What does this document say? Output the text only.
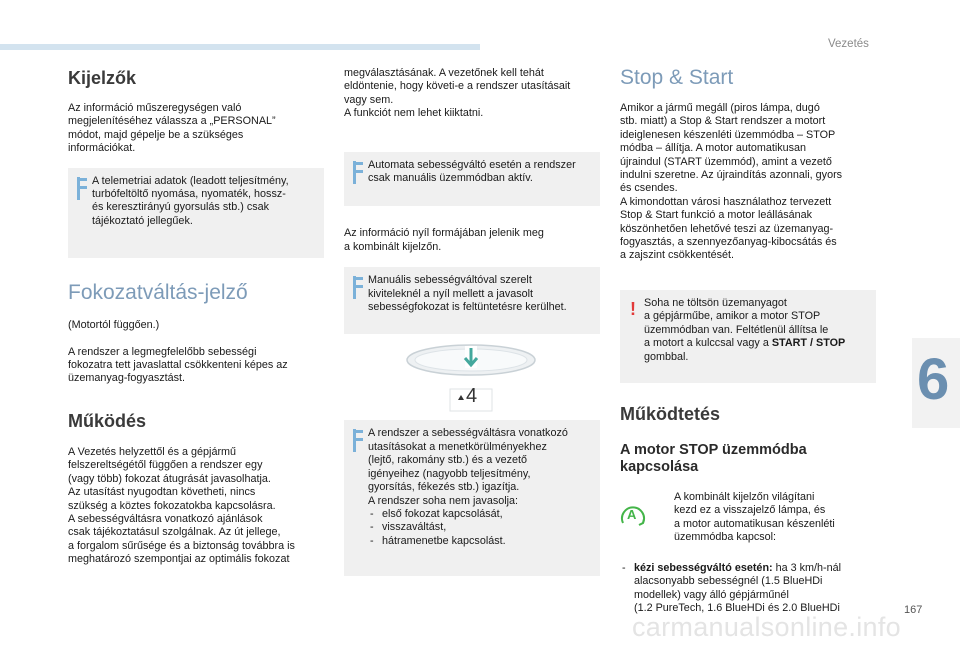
Vezetés
6
167
carmanualsonline.info
Kijelzők

Az információ műszeregységen való
megjelenítéséhez válassza a „PERSONAL”
módot, majd gépelje be a szükséges
információkat.

A telemetriai adatok (leadott teljesítmény,
turbófeltöltő nyomása, nyomaték, hossz-
és keresztirányú gyorsulás stb.) csak
tájékoztató jellegűek.

Fokozatváltás-jelző

(Motortól függően.)

A rendszer a legmegfelelőbb sebességi
fokozatra tett javaslattal csökkenteni képes az
üzemanyag-fogyasztást.

Működés

A Vezetés helyzettől és a gépjármű
felszereltségétől függően a rendszer egy
(vagy több) fokozat átugrását javasolhatja.
Az utasítást nyugodtan követheti, nincs
szükség a köztes fokozatokba kapcsolásra.
A sebességváltásra vonatkozó ajánlások
csak tájékoztatásul szolgálnak. Az út jellege,
a forgalom sűrűsége és a biztonság továbbra is
meghatározó szempontjai az optimális fokozat

megválasztásának. A vezetőnek kell tehát
eldöntenie, hogy követi-e a rendszer utasításait
vagy sem.
A funkciót nem lehet kiiktatni.

Automata sebességváltó esetén a rendszer
csak manuális üzemmódban aktív.

Az információ nyíl formájában jelenik meg
a kombinált kijelzőn.

Manuális sebességváltóval szerelt
kiviteleknél a nyíl mellett a javasolt
sebességfokozat is feltüntetésre kerülhet.

4

A rendszer a sebességváltásra vonatkozó
utasításokat a menetkörülményekhez
(lejtő, rakomány stb.) és a vezető
igényeihez (nagyobb teljesítmény,
gyorsítás, fékezés stb.) igazítja.
A rendszer soha nem javasolja:

- első fokozat kapcsolását,
- visszaváltást,
- hátramenetbe kapcsolást.
Stop & Start

Amikor a jármű megáll (piros lámpa, dugó
stb. miatt) a Stop & Start rendszer a motort
ideiglenesen készenléti üzemmódba – STOP
módba – állítja. A motor automatikusan
újraindul (START üzemmód), amint a vezető
indulni szeretne. Az újraindítás azonnali, gyors
és csendes.
A kimondottan városi használathoz tervezett
Stop & Start funkció a motor leállásának
köszönhetően lehetővé teszi az üzemanyag-
fogyasztás, a szennyezőanyag-kibocsátás és
a zajszint csökkentését.

! Soha ne töltsön üzemanyagot
a gépjárműbe, amikor a motor STOP
üzemmódban van. Feltétlenül állítsa le
a motort a kulccsal vagy a START / STOP
gombbal.

Működtetés
A motor STOP üzemmódba
kapcsolása
A

A kombinált kijelzőn világítani
kezd ez a visszajelző lámpa, és
a motor automatikusan készenléti
üzemmódba kapcsol:

- kézi sebességváltó esetén: ha 3 km/h-nál
alacsonyabb sebességnél (1.5 BlueHDi
modellek) vagy álló gépjárműnél
(1.2 PureTech, 1.6 BlueHDi és 2.0 BlueHDi
